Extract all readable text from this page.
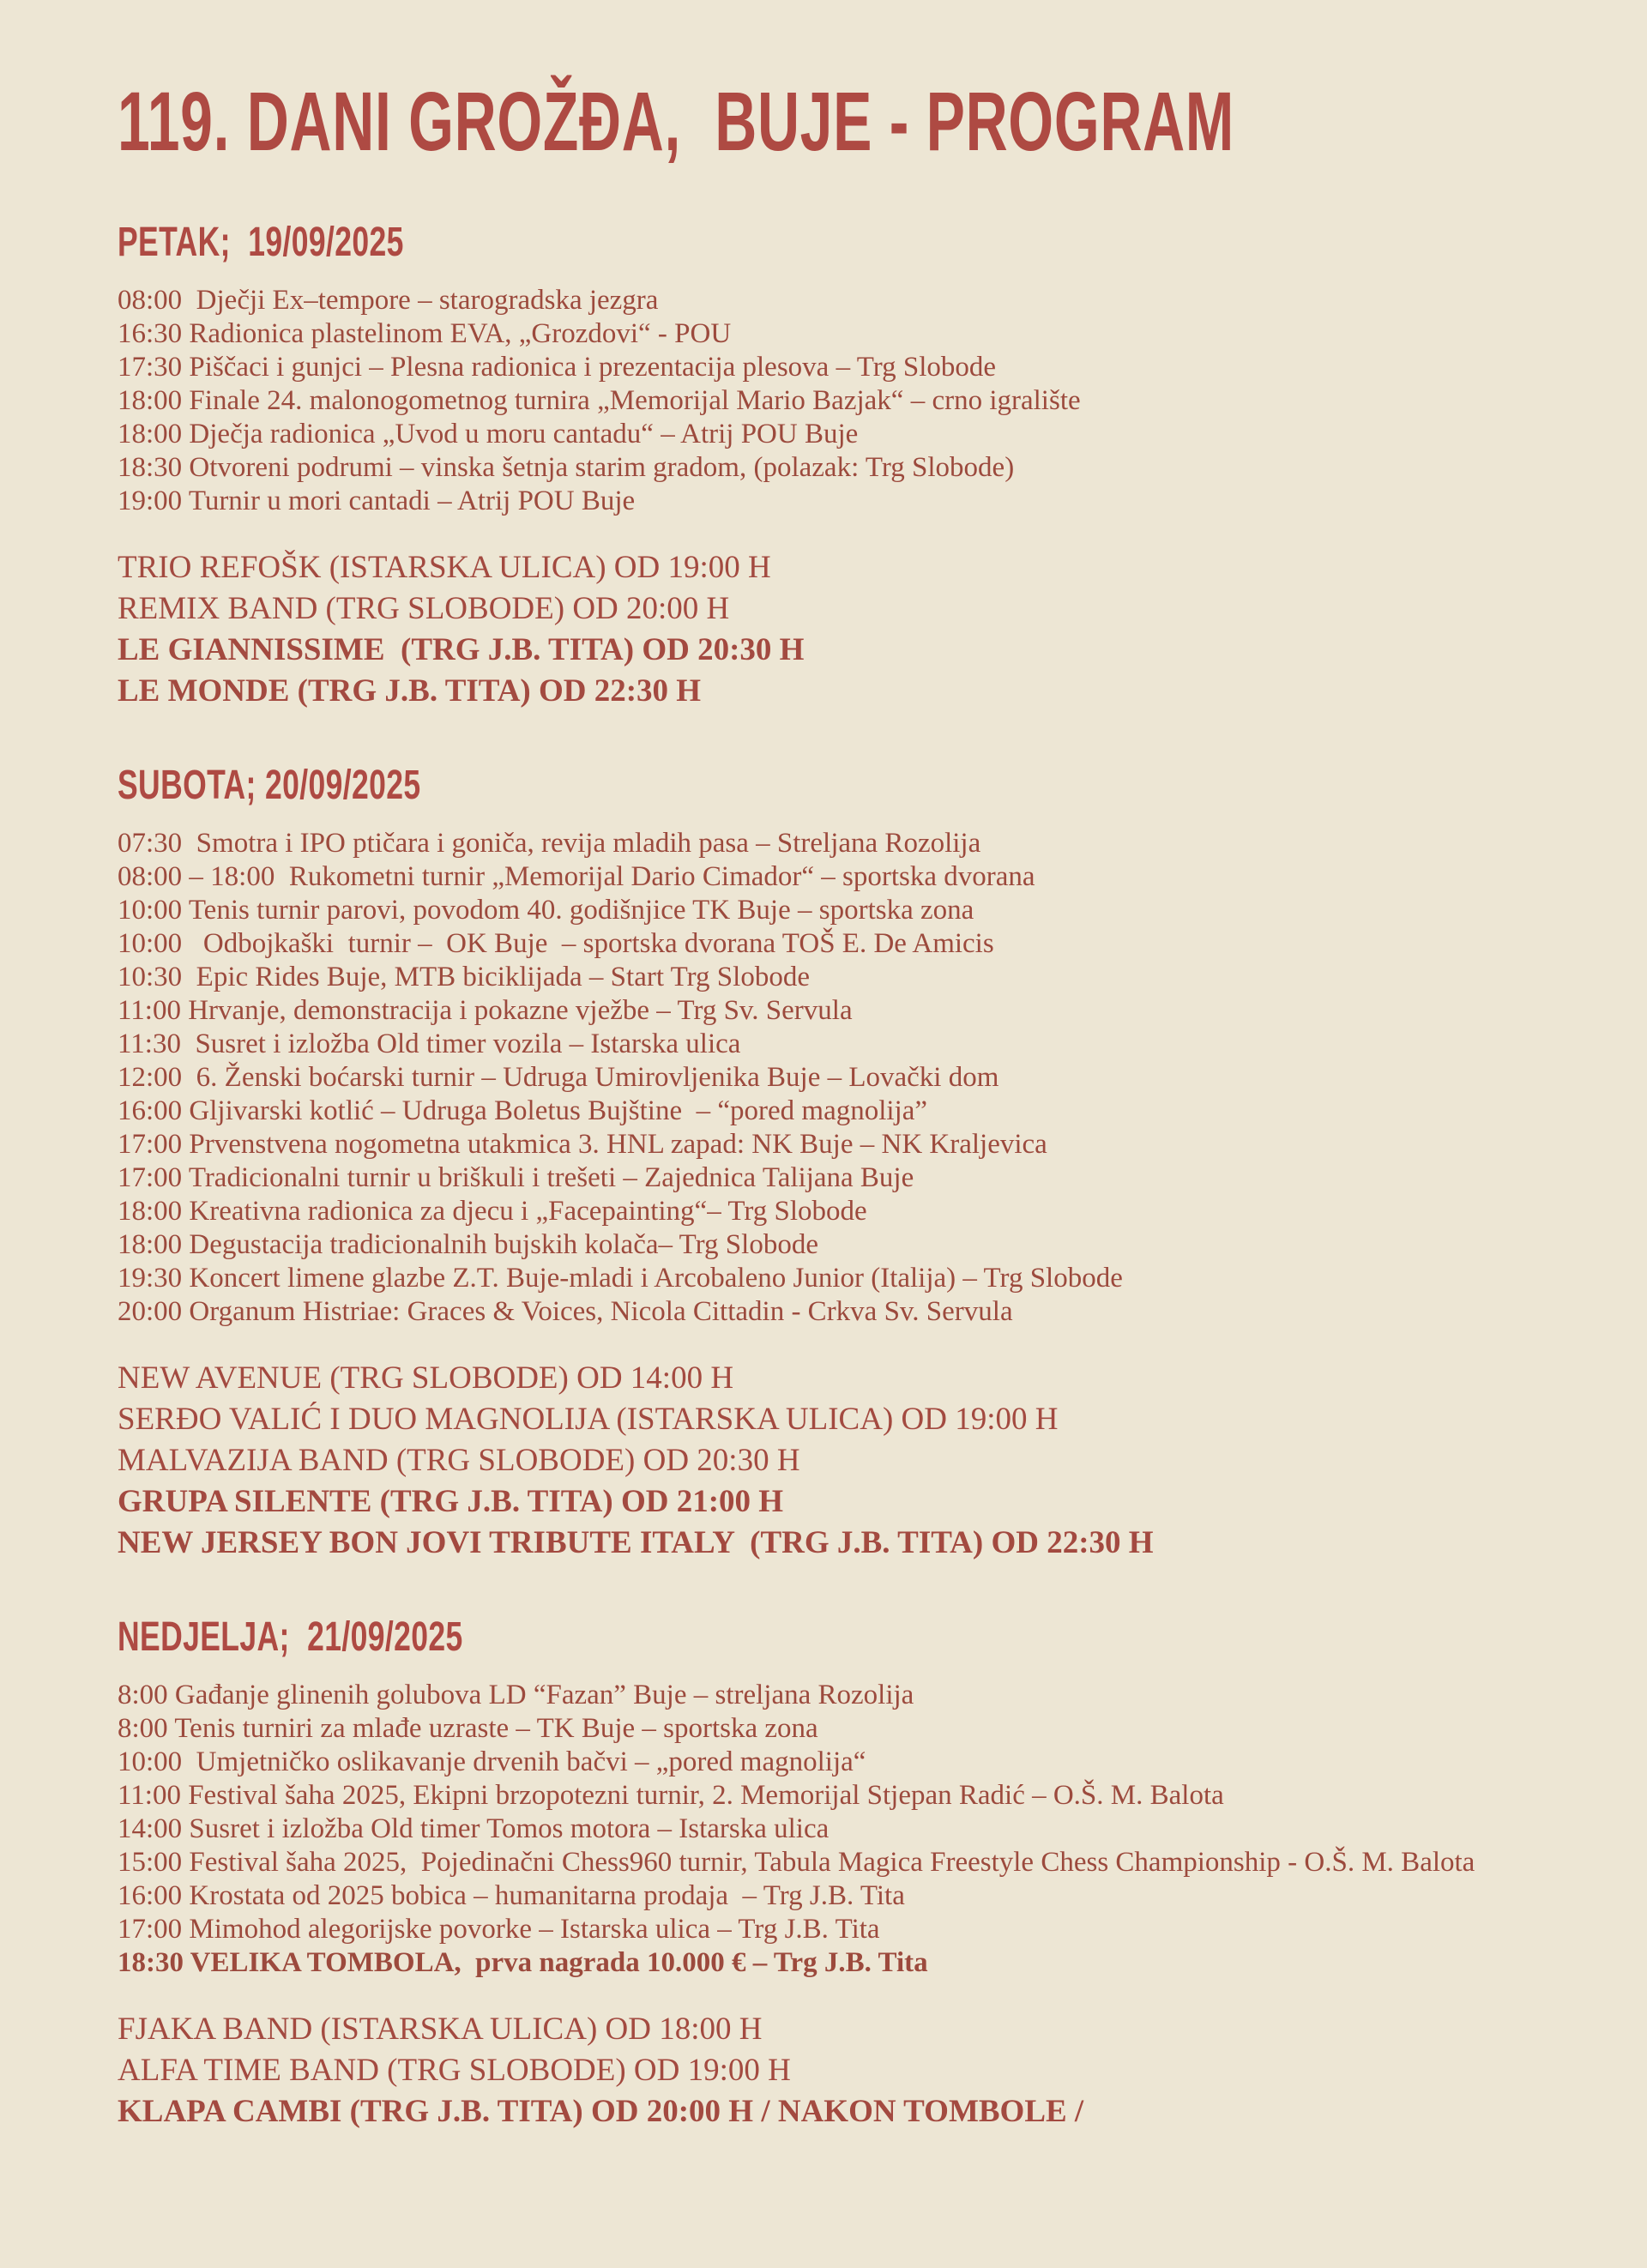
119. DANI GROŽĐA,  BUJE - PROGRAM
PETAK;  19/09/2025
08:00  Dječji Ex–tempore – starogradska jezgra
16:30 Radionica plastelinom EVA, „Grozdovi“ - POU
17:30 Piščaci i gunjci – Plesna radionica i prezentacija plesova – Trg Slobode
18:00 Finale 24. malonogometnog turnira „Memorijal Mario Bazjak“ – crno igralište
18:00 Dječja radionica „Uvod u moru cantadu“ – Atrij POU Buje
18:30 Otvoreni podrumi – vinska šetnja starim gradom, (polazak: Trg Slobode)
19:00 Turnir u mori cantadi – Atrij POU Buje
TRIO REFOŠK (ISTARSKA ULICA) OD 19:00 H
REMIX BAND (TRG SLOBODE) OD 20:00 H
LE GIANNISSIME  (TRG J.B. TITA) OD 20:30 H
LE MONDE (TRG J.B. TITA) OD 22:30 H
SUBOTA; 20/09/2025
07:30  Smotra i IPO ptičara i goniča, revija mladih pasa – Streljana Rozolija
08:00 – 18:00  Rukometni turnir „Memorijal Dario Cimador“ – sportska dvorana
10:00 Tenis turnir parovi, povodom 40. godišnjice TK Buje – sportska zona
10:00   Odbojkaški  turnir –  OK Buje  – sportska dvorana TOŠ E. De Amicis
10:30  Epic Rides Buje, MTB biciklijada – Start Trg Slobode
11:00 Hrvanje, demonstracija i pokazne vježbe – Trg Sv. Servula
11:30  Susret i izložba Old timer vozila – Istarska ulica
12:00  6. Ženski boćarski turnir – Udruga Umirovljenika Buje – Lovački dom
16:00 Gljivarski kotlić – Udruga Boletus Bujštine  – “pored magnolija”
17:00 Prvenstvena nogometna utakmica 3. HNL zapad: NK Buje – NK Kraljevica
17:00 Tradicionalni turnir u briškuli i trešeti – Zajednica Talijana Buje
18:00 Kreativna radionica za djecu i „Facepainting“– Trg Slobode
18:00 Degustacija tradicionalnih bujskih kolača– Trg Slobode
19:30 Koncert limene glazbe Z.T. Buje-mladi i Arcobaleno Junior (Italija) – Trg Slobode
20:00 Organum Histriae: Graces & Voices, Nicola Cittadin - Crkva Sv. Servula
NEW AVENUE (TRG SLOBODE) OD 14:00 H
SERĐO VALIĆ I DUO MAGNOLIJA (ISTARSKA ULICA) OD 19:00 H
MALVAZIJA BAND (TRG SLOBODE) OD 20:30 H
GRUPA SILENTE (TRG J.B. TITA) OD 21:00 H
NEW JERSEY BON JOVI TRIBUTE ITALY  (TRG J.B. TITA) OD 22:30 H
NEDJELJA;  21/09/2025
8:00 Gađanje glinenih golubova LD “Fazan” Buje – streljana Rozolija
8:00 Tenis turniri za mlađe uzraste – TK Buje – sportska zona
10:00  Umjetničko oslikavanje drvenih bačvi – „pored magnolija“
11:00 Festival šaha 2025, Ekipni brzopotezni turnir, 2. Memorijal Stjepan Radić – O.Š. M. Balota
14:00 Susret i izložba Old timer Tomos motora – Istarska ulica
15:00 Festival šaha 2025,  Pojedinačni Chess960 turnir, Tabula Magica Freestyle Chess Championship - O.Š. M. Balota
16:00 Krostata od 2025 bobica – humanitarna prodaja  – Trg J.B. Tita
17:00 Mimohod alegorijske povorke – Istarska ulica – Trg J.B. Tita
18:30 VELIKA TOMBOLA,  prva nagrada 10.000 € – Trg J.B. Tita
FJAKA BAND (ISTARSKA ULICA) OD 18:00 H
ALFA TIME BAND (TRG SLOBODE) OD 19:00 H
KLAPA CAMBI (TRG J.B. TITA) OD 20:00 H / NAKON TOMBOLE /
